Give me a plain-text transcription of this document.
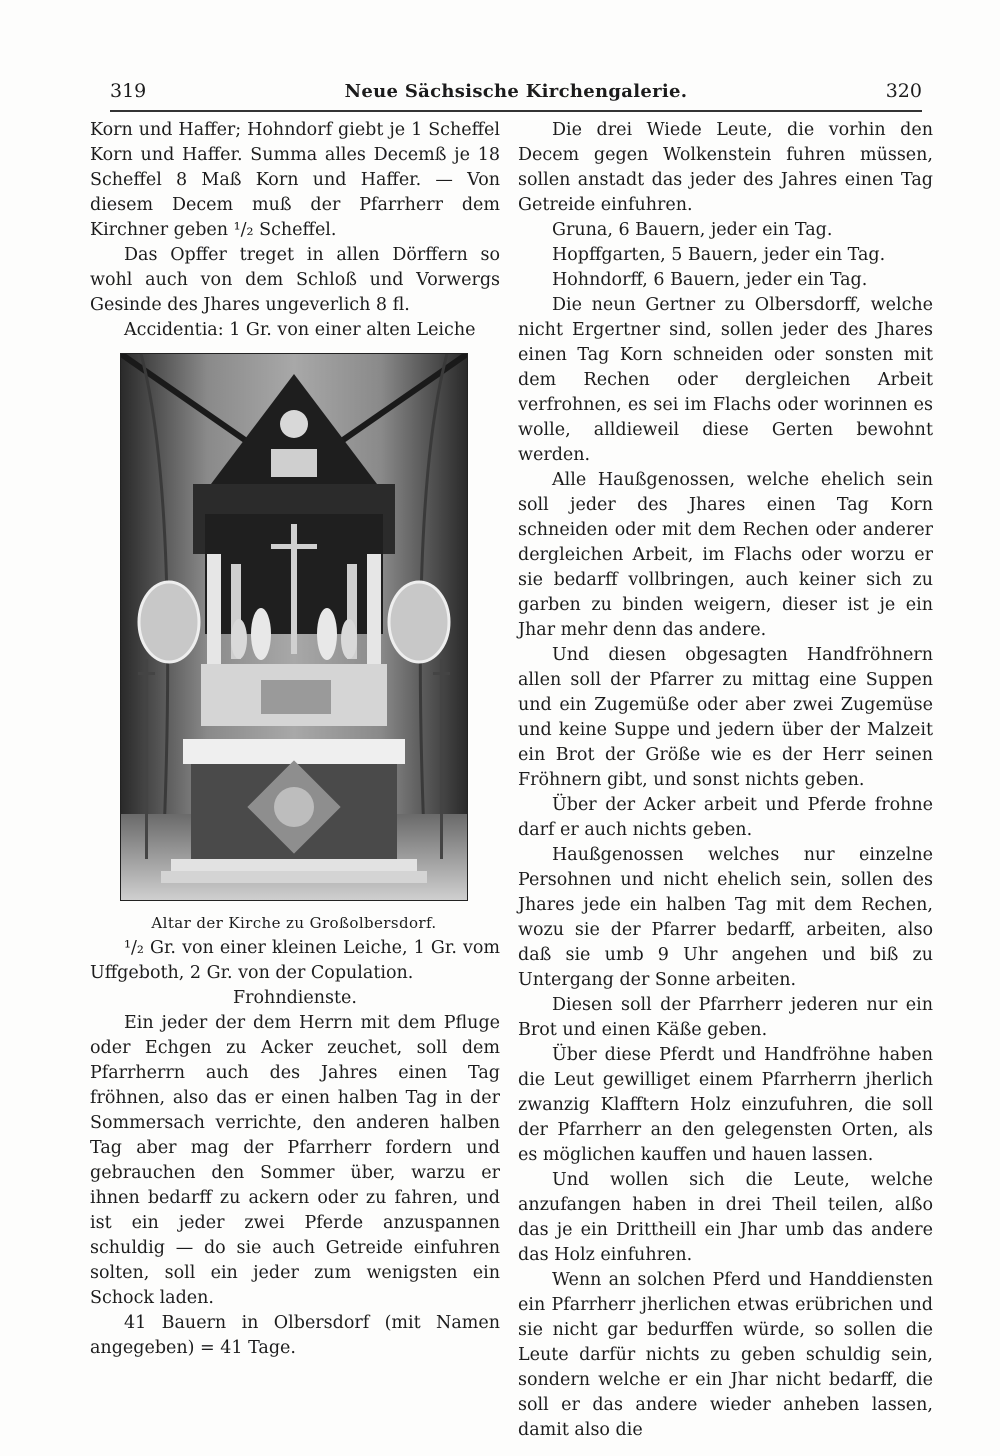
319	Neue Sächsische Kirchengalerie.	320

Korn und Haffer; Hohndorf giebt je 1 Scheffel Korn und Haffer. Summa alles Decemß je 18 Scheffel 8 Maß Korn und Haffer. — Von diesem Decem muß der Pfarrherr dem Kirchner geben ¹/₂ Scheffel.

Das Opffer treget in allen Dörffern so wohl auch von dem Schloß und Vorwergs Gesinde des Jhares ungeverlich 8 fl.

Accidentia: 1 Gr. von einer alten Leiche

Altar der Kirche zu Großolbersdorf.

¹/₂ Gr. von einer kleinen Leiche, 1 Gr. vom Uffgeboth, 2 Gr. von der Copulation.

Frohndienste.

Ein jeder der dem Herrn mit dem Pfluge oder Echgen zu Acker zeuchet, soll dem Pfarrherrn auch des Jahres einen Tag fröhnen, also das er einen halben Tag in der Sommersach verrichte, den anderen halben Tag aber mag der Pfarrherr fordern und gebrauchen den Sommer über, warzu er ihnen bedarff zu ackern oder zu fahren, und ist ein jeder zwei Pferde anzuspannen schuldig — do sie auch Getreide einfuhren solten, soll ein jeder zum wenigsten ein Schock laden.

41 Bauern in Olbersdorf (mit Namen angegeben) = 41 Tage.

Die drei Wiede Leute, die vorhin den Decem gegen Wolkenstein fuhren müssen, sollen anstadt das jeder des Jahres einen Tag Getreide einfuhren.

Gruna, 6 Bauern, jeder ein Tag.

Hopffgarten, 5 Bauern, jeder ein Tag.

Hohndorff, 6 Bauern, jeder ein Tag.

Die neun Gertner zu Olbersdorff, welche nicht Ergertner sind, sollen jeder des Jhares einen Tag Korn schneiden oder sonsten mit dem Rechen oder dergleichen Arbeit verfrohnen, es sei im Flachs oder worinnen es wolle, alldieweil diese Gerten bewohnt werden.

Alle Haußgenossen, welche ehelich sein soll jeder des Jhares einen Tag Korn schneiden oder mit dem Rechen oder anderer dergleichen Arbeit, im Flachs oder worzu er sie bedarff vollbringen, auch keiner sich zu garben zu binden weigern, dieser ist je ein Jhar mehr denn das andere.

Und diesen obgesagten Handfröhnern allen soll der Pfarrer zu mittag eine Suppen und ein Zugemüße oder aber zwei Zugemüse und keine Suppe und jedern über der Malzeit ein Brot der Größe wie es der Herr seinen Fröhnern gibt, und sonst nichts geben.

Über der Acker arbeit und Pferde frohne darf er auch nichts geben.

Haußgenossen welches nur einzelne Persohnen und nicht ehelich sein, sollen des Jhares jede ein halben Tag mit dem Rechen, wozu sie der Pfarrer bedarff, arbeiten, also daß sie umb 9 Uhr angehen und biß zu Untergang der Sonne arbeiten.

Diesen soll der Pfarrherr jederen nur ein Brot und einen Käße geben.

Über diese Pferdt und Handfröhne haben die Leut gewilliget einem Pfarrherrn jherlich zwanzig Klafftern Holz einzufuhren, die soll der Pfarrherr an den gelegensten Orten, als es möglichen kauffen und hauen lassen.

Und wollen sich die Leute, welche anzufangen haben in drei Theil teilen, alßo das je ein Drittheill ein Jhar umb das andere das Holz einfuhren.

Wenn an solchen Pferd und Handdiensten ein Pfarrherr jherlichen etwas erübrichen und sie nicht gar bedurffen würde, so sollen die Leute darfür nichts zu geben schuldig sein, sondern welche er ein Jhar nicht bedarff, die soll er das andere wieder anheben lassen, damit also die
